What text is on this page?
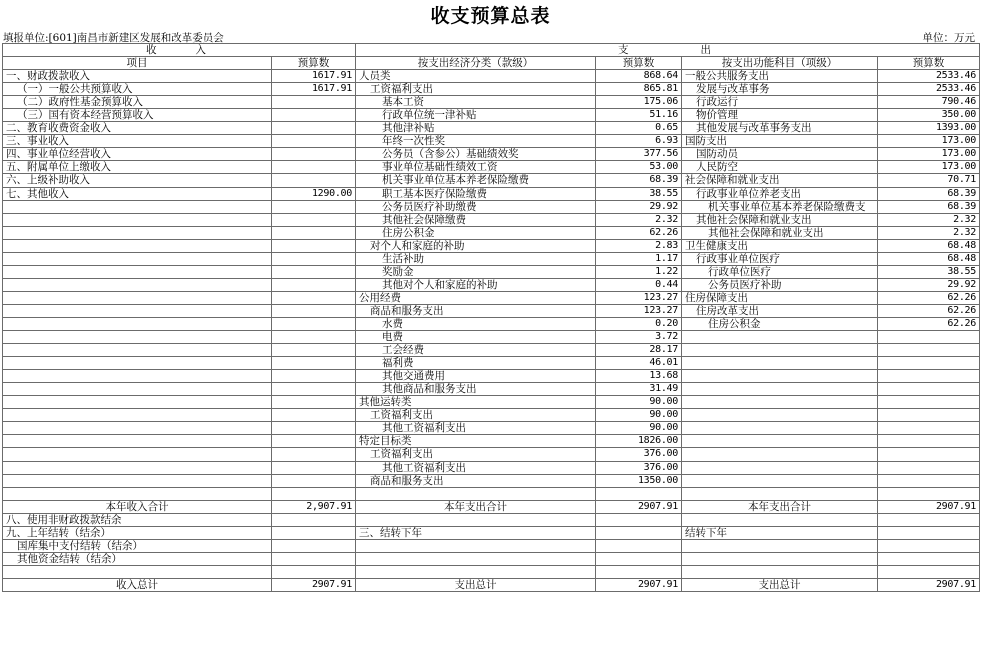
收支预算总表
填报单位:[601]南昌市新建区发展和改革委员会	单位：万元
收　　入		支　　　　出			
项目	预算数	按支出经济分类（款级）	预算数	按支出功能科目（项级）	预算数
一、财政拨款收入	1617.91	人员类	868.64	一般公共服务支出	2533.46
（一）一般公共预算收入	1617.91	工资福利支出	865.81	发展与改革事务	2533.46
（二）政府性基金预算收入		基本工资	175.06	行政运行	790.46
（三）国有资本经营预算收入		行政单位统一津补贴	51.16	物价管理	350.00
二、教育收费资金收入		其他津补贴	0.65	其他发展与改革事务支出	1393.00
三、事业收入		年终一次性奖	6.93	国防支出	173.00
四、事业单位经营收入		公务员（含参公）基础绩效奖	377.56	国防动员	173.00
五、附属单位上缴收入		事业单位基础性绩效工资	53.00	人民防空	173.00
六、上级补助收入		机关事业单位基本养老保险缴费	68.39	社会保障和就业支出	70.71
七、其他收入	1290.00	职工基本医疗保险缴费	38.55	行政事业单位养老支出	68.39
		公务员医疗补助缴费	29.92	机关事业单位基本养老保险缴费支	68.39
		其他社会保障缴费	2.32	其他社会保障和就业支出	2.32
		住房公积金	62.26	其他社会保障和就业支出	2.32
		对个人和家庭的补助	2.83	卫生健康支出	68.48
		生活补助	1.17	行政事业单位医疗	68.48
		奖励金	1.22	行政单位医疗	38.55
		其他对个人和家庭的补助	0.44	公务员医疗补助	29.92
		公用经费	123.27	住房保障支出	62.26
		商品和服务支出	123.27	住房改革支出	62.26
		水费	0.20	住房公积金	62.26
		电费	3.72		
		工会经费	28.17		
		福利费	46.01		
		其他交通费用	13.68		
		其他商品和服务支出	31.49		
		其他运转类	90.00		
		工资福利支出	90.00		
		其他工资福利支出	90.00		
		特定目标类	1826.00		
		工资福利支出	376.00		
		其他工资福利支出	376.00		
		商品和服务支出	1350.00		

本年收入合计	2,907.91	本年支出合计	2907.91	本年支出合计	2907.91
八、使用非财政拨款结余					
九、上年结转（结余）		三、结转下年		结转下年	
国库集中支付结转（结余）					
其他资金结转（结余）					

收入总计	2907.91	支出总计	2907.91	支出总计	2907.91
